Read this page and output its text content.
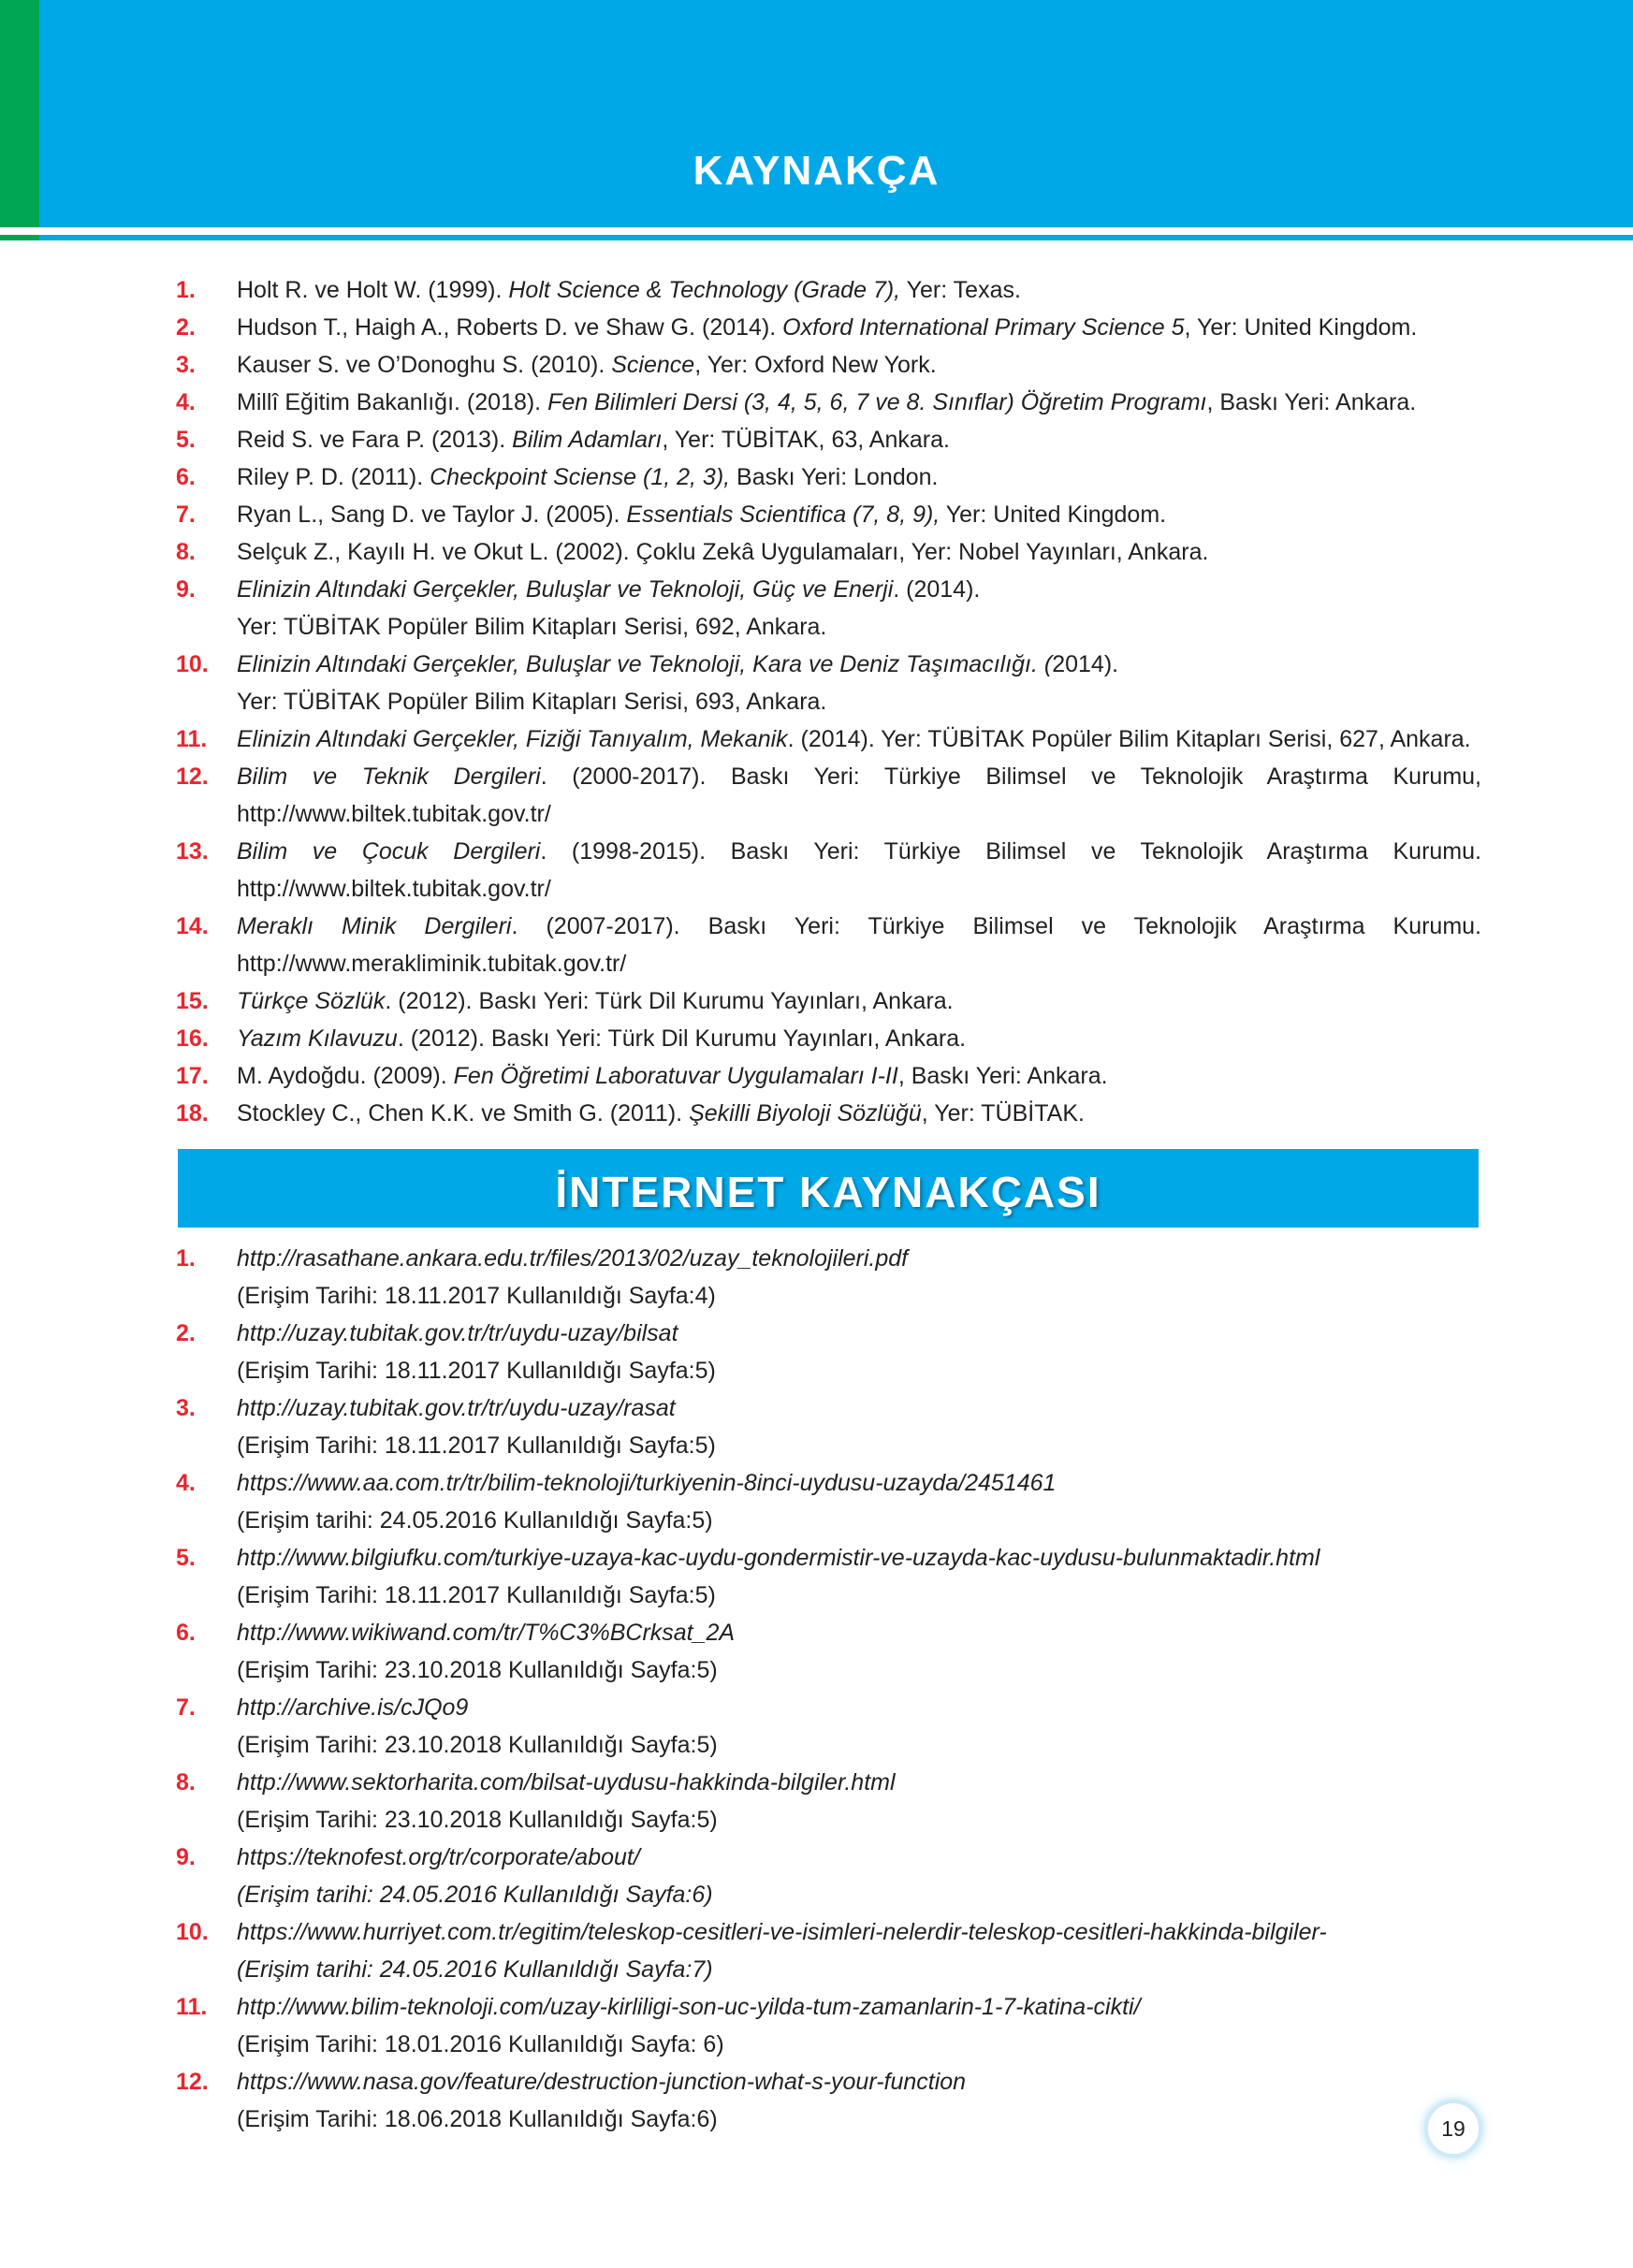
KAYNAKÇA
1. Holt R. ve Holt W. (1999). Holt Science & Technology (Grade 7), Yer: Texas.
2. Hudson T., Haigh A., Roberts D. ve Shaw G. (2014). Oxford International Primary Science 5, Yer: United Kingdom.
3. Kauser S. ve O’Donoghu S. (2010). Science, Yer: Oxford New York.
4. Millî Eğitim Bakanlığı. (2018). Fen Bilimleri Dersi (3, 4, 5, 6, 7 ve 8. Sınıflar) Öğretim Programı, Baskı Yeri: Ankara.
5. Reid S. ve Fara P. (2013). Bilim Adamları, Yer: TÜBİTAK, 63, Ankara.
6. Riley P. D. (2011). Checkpoint Sciense (1, 2, 3), Baskı Yeri: London.
7. Ryan L., Sang D. ve Taylor J. (2005). Essentials Scientifica (7, 8, 9), Yer: United Kingdom.
8. Selçuk Z., Kayılı H. ve Okut L. (2002). Çoklu Zekâ Uygulamaları, Yer: Nobel Yayınları, Ankara.
9. Elinizin Altındaki Gerçekler, Buluşlar ve Teknoloji, Güç ve Enerji. (2014).
Yer: TÜBİTAK Popüler Bilim Kitapları Serisi, 692, Ankara.
10. Elinizin Altındaki Gerçekler, Buluşlar ve Teknoloji, Kara ve Deniz Taşımacılığı. (2014).
Yer: TÜBİTAK Popüler Bilim Kitapları Serisi, 693, Ankara.
11. Elinizin Altındaki Gerçekler, Fiziği Tanıyalım, Mekanik. (2014). Yer: TÜBİTAK Popüler Bilim Kitapları Serisi, 627, Ankara.
12. Bilim ve Teknik Dergileri. (2000-2017). Baskı Yeri: Türkiye Bilimsel ve Teknolojik Araştırma Kurumu, http://www.biltek.tubitak.gov.tr/
13. Bilim ve Çocuk Dergileri. (1998-2015). Baskı Yeri: Türkiye Bilimsel ve Teknolojik Araştırma Kurumu. http://www.biltek.tubitak.gov.tr/
14. Meraklı Minik Dergileri. (2007-2017). Baskı Yeri: Türkiye Bilimsel ve Teknolojik Araştırma Kurumu. http://www.merakliminik.tubitak.gov.tr/
15. Türkçe Sözlük. (2012). Baskı Yeri: Türk Dil Kurumu Yayınları, Ankara.
16. Yazım Kılavuzu. (2012). Baskı Yeri: Türk Dil Kurumu Yayınları, Ankara.
17. M. Aydoğdu. (2009). Fen Öğretimi Laboratuvar Uygulamaları I-II, Baskı Yeri: Ankara.
18. Stockley C., Chen K.K. ve Smith G. (2011). Şekilli Biyoloji Sözlüğü, Yer: TÜBİTAK.
İNTERNET KAYNAKÇASI
1. http://rasathane.ankara.edu.tr/files/2013/02/uzay_teknolojileri.pdf
(Erişim Tarihi: 18.11.2017 Kullanıldığı Sayfa:4)
2. http://uzay.tubitak.gov.tr/tr/uydu-uzay/bilsat
(Erişim Tarihi: 18.11.2017 Kullanıldığı Sayfa:5)
3. http://uzay.tubitak.gov.tr/tr/uydu-uzay/rasat
(Erişim Tarihi: 18.11.2017 Kullanıldığı Sayfa:5)
4. https://www.aa.com.tr/tr/bilim-teknoloji/turkiyenin-8inci-uydusu-uzayda/2451461
(Erişim tarihi: 24.05.2016 Kullanıldığı Sayfa:5)
5. http://www.bilgiufku.com/turkiye-uzaya-kac-uydu-gondermistir-ve-uzayda-kac-uydusu-bulunmaktadir.html
(Erişim Tarihi: 18.11.2017 Kullanıldığı Sayfa:5)
6. http://www.wikiwand.com/tr/T%C3%BCrksat_2A
(Erişim Tarihi: 23.10.2018 Kullanıldığı Sayfa:5)
7. http://archive.is/cJQo9
(Erişim Tarihi: 23.10.2018 Kullanıldığı Sayfa:5)
8. http://www.sektorharita.com/bilsat-uydusu-hakkinda-bilgiler.html
(Erişim Tarihi: 23.10.2018 Kullanıldığı Sayfa:5)
9. https://teknofest.org/tr/corporate/about/
(Erişim tarihi: 24.05.2016 Kullanıldığı Sayfa:6)
10. https://www.hurriyet.com.tr/egitim/teleskop-cesitleri-ve-isimleri-nelerdir-teleskop-cesitleri-hakkinda-bilgiler-
(Erişim tarihi: 24.05.2016 Kullanıldığı Sayfa:7)
11. http://www.bilim-teknoloji.com/uzay-kirliligi-son-uc-yilda-tum-zamanlarin-1-7-katina-cikti/
(Erişim Tarihi: 18.01.2016 Kullanıldığı Sayfa: 6)
12. https://www.nasa.gov/feature/destruction-junction-what-s-your-function
(Erişim Tarihi: 18.06.2018 Kullanıldığı Sayfa:6)	19
